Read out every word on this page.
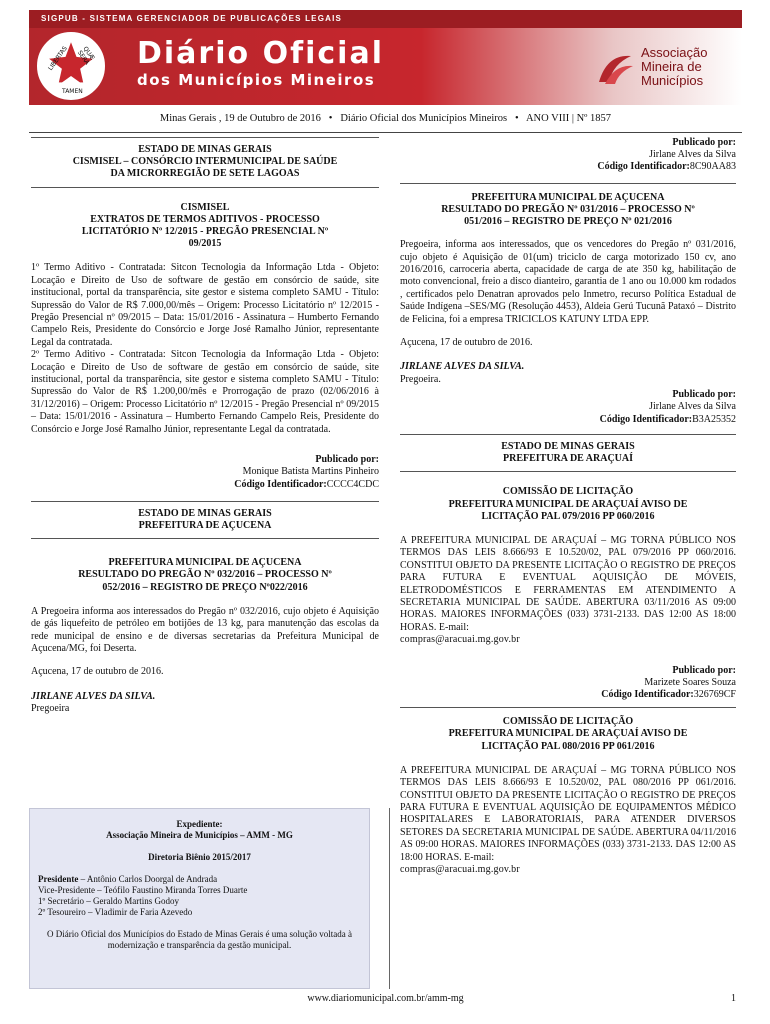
SIGPUB - SISTEMA GERENCIADOR DE PUBLICAÇÕES LEGAIS
LIBERTAS	QUÆ SERA
TAMEN
Diário Oficial
dos Municípios Mineiros
Associação
Mineira de
Municípios
Minas Gerais , 19 de Outubro de 2016   •   Diário Oficial dos Municípios Mineiros   •   ANO VIII | Nº 1857
ESTADO DE MINAS GERAIS
CISMISEL – CONSÓRCIO INTERMUNICIPAL DE SAÚDE
DA MICRORREGIÃO DE SETE LAGOAS
CISMISEL
EXTRATOS DE TERMOS ADITIVOS - PROCESSO
LICITATÓRIO Nº 12/2015 - PREGÃO PRESENCIAL Nº
09/2015

1º Termo Aditivo - Contratada: Sitcon Tecnologia da Informação Ltda - Objeto: Locação e Direito de Uso de software de gestão em consórcio de saúde, site institucional, portal da transparência, site gestor e sistema completo SAMU - Título: Supressão do Valor de R$ 7.000,00/mês – Origem: Processo Licitatório nº 12/2015 - Pregão Presencial nº 09/2015 – Data: 15/01/2016 - Assinatura – Humberto Fernando Campelo Reis, Presidente do Consórcio e Jorge José Ramalho Júnior, representante Legal da contratada.

2º Termo Aditivo - Contratada: Sitcon Tecnologia da Informação Ltda - Objeto: Locação e Direito de Uso de software de gestão em consórcio de saúde, site institucional, portal da transparência, site gestor e sistema completo SAMU - Título: Supressão do Valor de R$ 1.200,00/mês e Prorrogação de prazo (02/06/2016 à 31/12/2016) – Origem: Processo Licitatório nº 12/2015 - Pregão Presencial nº 09/2015 – Data: 15/01/2016 - Assinatura – Humberto Fernando Campelo Reis, Presidente do Consórcio e Jorge José Ramalho Júnior, representante Legal da contratada.

Publicado por:
Monique Batista Martins Pinheiro
Código Identificador:CCCC4CDC
ESTADO DE MINAS GERAIS
PREFEITURA DE AÇUCENA
PREFEITURA MUNICIPAL DE AÇUCENA
RESULTADO DO PREGÃO Nº 032/2016 – PROCESSO Nº
052/2016 – REGISTRO DE PREÇO Nº022/2016

A Pregoeira informa aos interessados do Pregão nº 032/2016, cujo objeto é Aquisição de gás liquefeito de petróleo em botijões de 13 kg, para manutenção das escolas da rede municipal de ensino e de diversas secretarias da Prefeitura Municipal de Açucena/MG, foi Deserta.

Açucena, 17 de outubro de 2016.

JIRLANE ALVES DA SILVA.

Pregoeira

Expediente:
Associação Mineira de Municípios – AMM - MG
Diretoria Biênio 2015/2017
Presidente – Antônio Carlos Doorgal de Andrada
Vice-Presidente – Teófilo Faustino Miranda Torres Duarte
1º Secretário – Geraldo Martins Godoy
2º Tesoureiro – Vladimir de Faria Azevedo
O Diário Oficial dos Municípios do Estado de Minas Gerais é uma solução voltada à modernização e transparência da gestão municipal.
Publicado por:
Jirlane Alves da Silva
Código Identificador:8C90AA83
PREFEITURA MUNICIPAL DE AÇUCENA
RESULTADO DO PREGÃO Nº 031/2016 – PROCESSO Nº
051/2016 – REGISTRO DE PREÇO Nº 021/2016

Pregoeira, informa aos interessados, que os vencedores do Pregão nº 031/2016, cujo objeto é Aquisição de 01(um) triciclo de carga motorizado 150 cv, ano 2016/2016, carroceria aberta, capacidade de carga de ate 350 kg, habilitação de moto convencional, freio a disco dianteiro, garantia de 1 ano ou 10.000 km rodados , certificados pelo Denatran aprovados pelo Inmetro, recurso Política Estadual de Saúde Indígena –SES/MG (Resolução 4453), Aldeia Gerú Tucunã Pataxó – Distrito de Felicina, foi a empresa TRICICLOS KATUNY LTDA EPP.

Açucena, 17 de outubro de 2016.

JIRLANE ALVES DA SILVA.

Pregoeira.

Publicado por:
Jirlane Alves da Silva
Código Identificador:B3A25352
ESTADO DE MINAS GERAIS
PREFEITURA DE ARAÇUAÍ
COMISSÃO DE LICITAÇÃO
PREFEITURA MUNICIPAL DE ARAÇUAÍ AVISO DE
LICITAÇÃO PAL 079/2016 PP 060/2016

A PREFEITURA MUNICIPAL DE ARAÇUAÍ – MG TORNA PÚBLICO NOS TERMOS DAS LEIS 8.666/93 E 10.520/02, PAL 079/2016 PP 060/2016. CONSTITUI OBJETO DA PRESENTE LICITAÇÃO O REGISTRO DE PREÇOS PARA FUTURA E EVENTUAL AQUISIÇÃO DE MÓVEIS, ELETRODOMÉSTICOS E FERRAMENTAS EM ATENDIMENTO A SECRETARIA MUNICIPAL DE SAÚDE. ABERTURA 03/11/2016 AS 09:00 HORAS. MAIORES INFORMAÇÕES (033) 3731-2133. DAS 12:00 AS 18:00 HORAS. E-mail:

compras@aracuai.mg.gov.br

Publicado por:
Marizete Soares Souza
Código Identificador:326769CF
COMISSÃO DE LICITAÇÃO
PREFEITURA MUNICIPAL DE ARAÇUAÍ AVISO DE
LICITAÇÃO PAL 080/2016 PP 061/2016

A PREFEITURA MUNICIPAL DE ARAÇUAÍ – MG TORNA PÚBLICO NOS TERMOS DAS LEIS 8.666/93 E 10.520/02, PAL 080/2016 PP 061/2016. CONSTITUI OBJETO DA PRESENTE LICITAÇÃO O REGISTRO DE PREÇOS PARA FUTURA E EVENTUAL AQUISIÇÃO DE EQUIPAMENTOS MÉDICO HOSPITALARES E LABORATORIAIS, PARA ATENDER DIVERSOS SETORES DA SECRETARIA MUNICIPAL DE SAÚDE. ABERTURA 04/11/2016 AS 09:00 HORAS. MAIORES INFORMAÇÕES (033) 3731-2133. DAS 12:00 AS 18:00 HORAS. E-mail:

compras@aracuai.mg.gov.br

www.diariomunicipal.com.br/amm-mg	1
